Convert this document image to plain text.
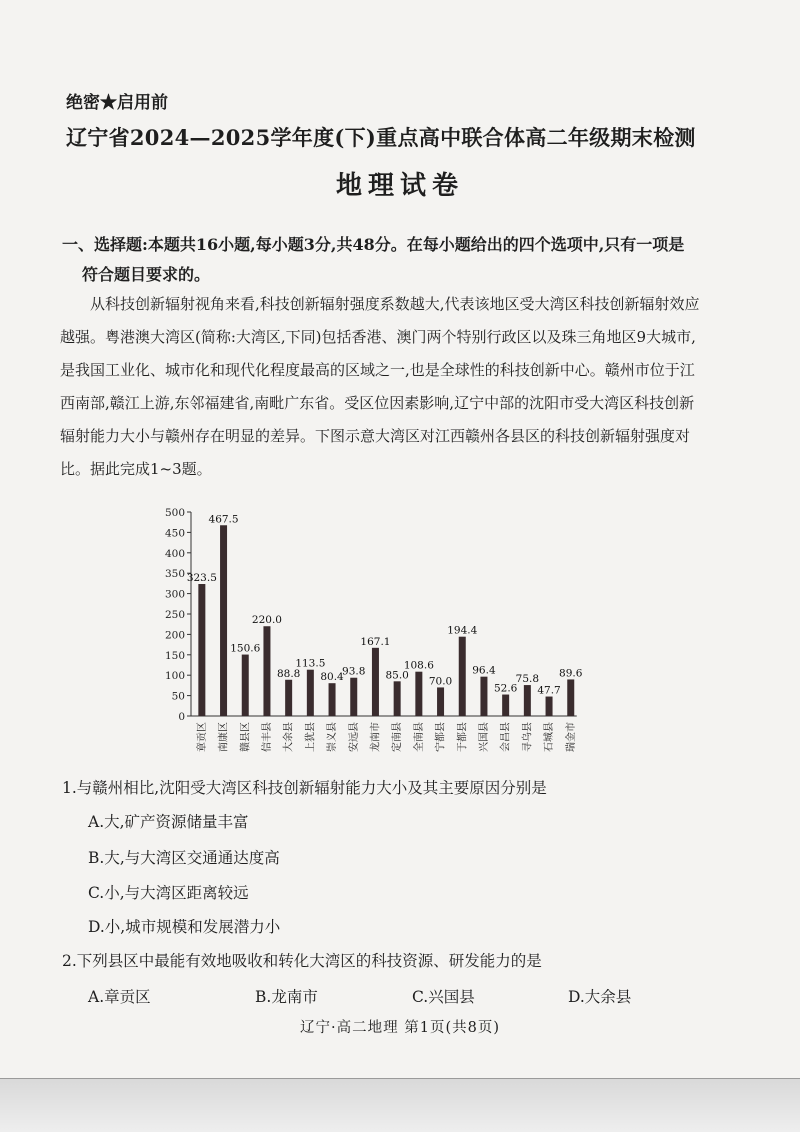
绝密★启用前
辽宁省2024—2025学年度(下)重点高中联合体高二年级期末检测
地理试卷
一、选择题:本题共16小题,每小题3分,共48分。在每小题给出的四个选项中,只有一项是
符合题目要求的。

从科技创新辐射视角来看,科技创新辐射强度系数越大,代表该地区受大湾区科技创新辐射效应越强。粤港澳大湾区(简称:大湾区,下同)包括香港、澳门两个特别行政区以及珠三角地区9大城市,是我国工业化、城市化和现代化程度最高的区域之一,也是全球性的科技创新中心。赣州市位于江西南部,赣江上游,东邻福建省,南毗广东省。受区位因素影响,辽宁中部的沈阳市受大湾区科技创新辐射能力大小与赣州存在明显的差异。下图示意大湾区对江西赣州各县区的科技创新辐射强度对比。据此完成1~3题。

0
50
100
150
200
250
300
350
400
450
500
323.5
章贡区
467.5
南康区
150.6
赣县区
220.0
信丰县
88.8
大余县
113.5
上犹县
80.4
崇义县
93.8
安远县
167.1
龙南市
85.0
定南县
108.6
全南县
70.0
宁都县
194.4
于都县
96.4
兴国县
52.6
会昌县
75.8
寻乌县
47.7
石城县
89.6
瑞金市
1.与赣州相比,沈阳受大湾区科技创新辐射能力大小及其主要原因分别是
A.大,矿产资源储量丰富
B.大,与大湾区交通通达度高
C.小,与大湾区距离较远
D.小,城市规模和发展潜力小
2.下列县区中最能有效地吸收和转化大湾区的科技资源、研发能力的是
A.章贡区	B.龙南市	C.兴国县	D.大余县
辽宁·高二地理 第1页(共8页)
